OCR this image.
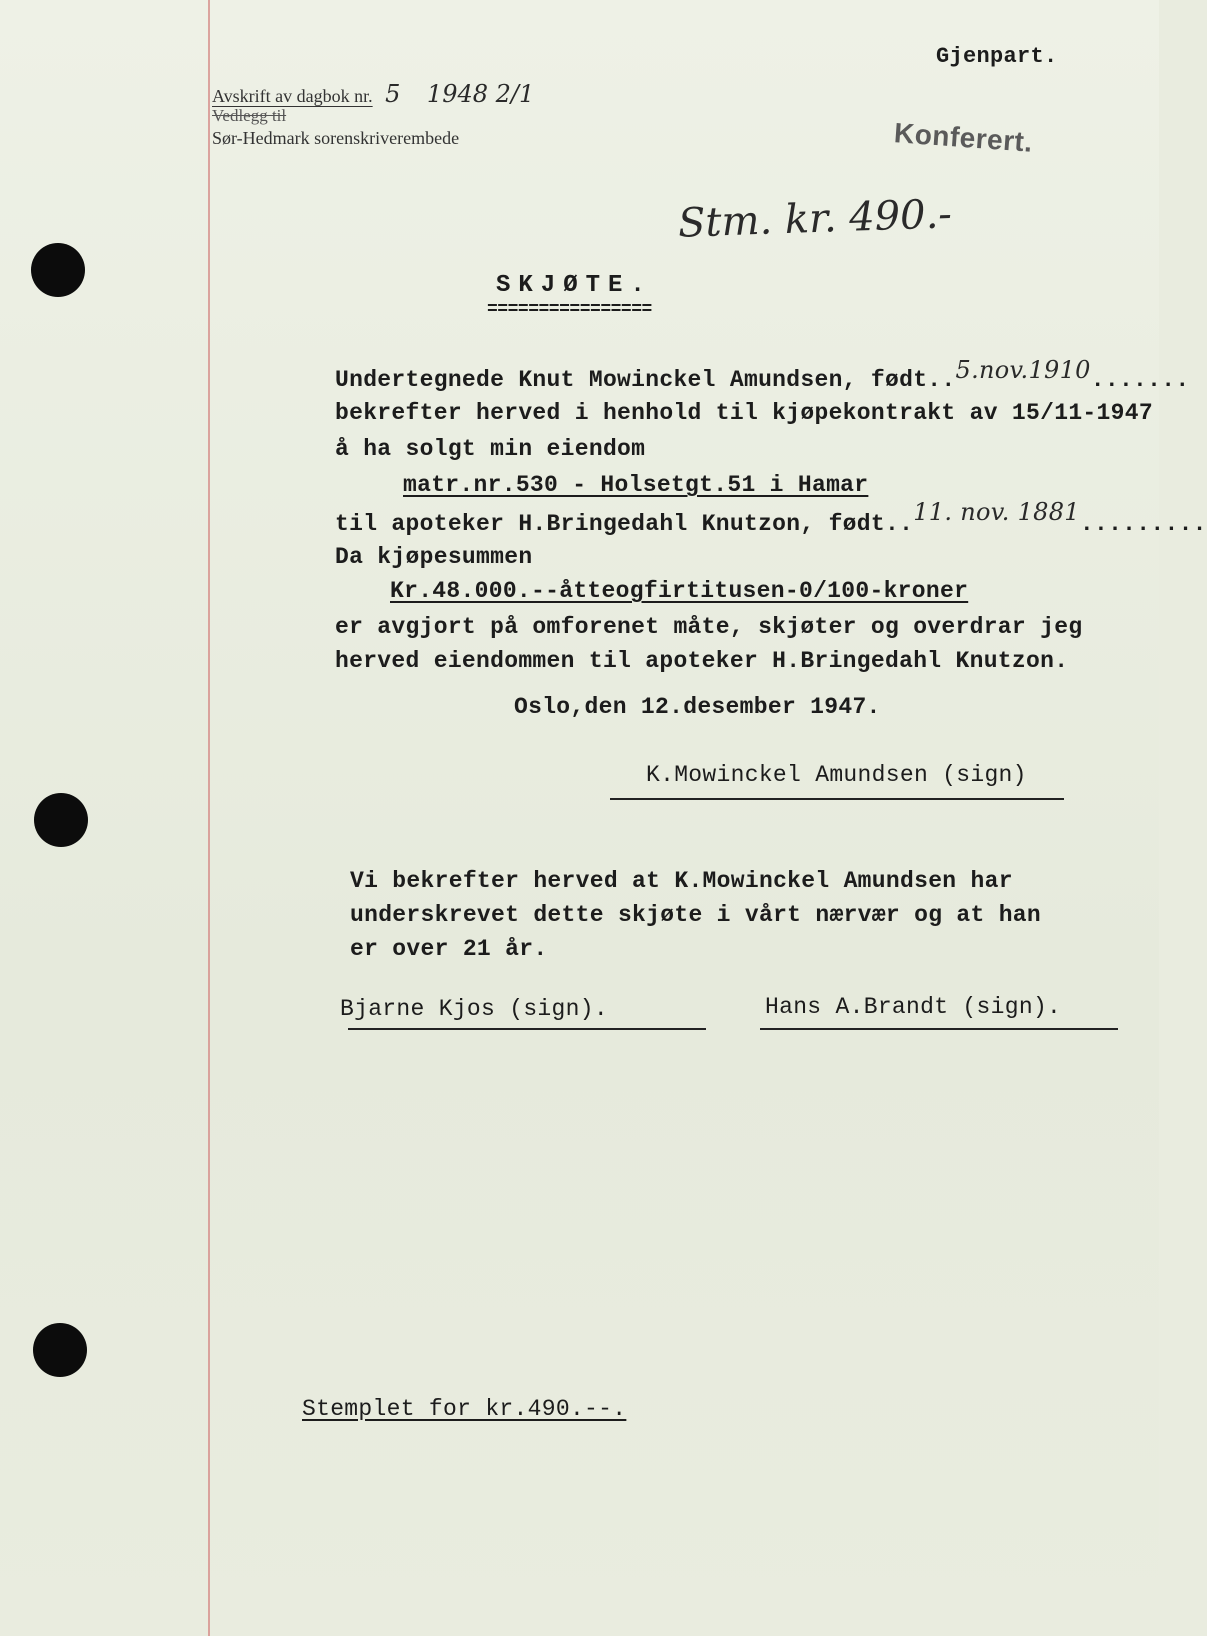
Avskrift av dagbok nr. 5 1948 2/1
Vedlegg til
Sør-Hedmark sorenskriverembede
Gjenpart.
Konferert.
Stm. kr. 490.-
SKJØTE.
================
Undertegnede Knut Mowinckel Amundsen, født..5.nov.1910.......
bekrefter herved i henhold til kjøpekontrakt av 15/11-1947
å ha solgt min eiendom
matr.nr.530 - Holsetgt.51 i Hamar
til apoteker H.Bringedahl Knutzon, født..11. nov. 1881.........
Da kjøpesummen
Kr.48.000.--åtteogfirtitusen-0/100-kroner
er avgjort på omforenet måte, skjøter og overdrar jeg
herved eiendommen til apoteker H.Bringedahl Knutzon.
Oslo,den 12.desember 1947.
K.Mowinckel Amundsen (sign)
Vi bekrefter herved at K.Mowinckel Amundsen har
underskrevet dette skjøte i vårt nærvær og at han
er over 21 år.
Bjarne Kjos (sign).	Hans A.Brandt (sign).
Stemplet for kr.490.--.
